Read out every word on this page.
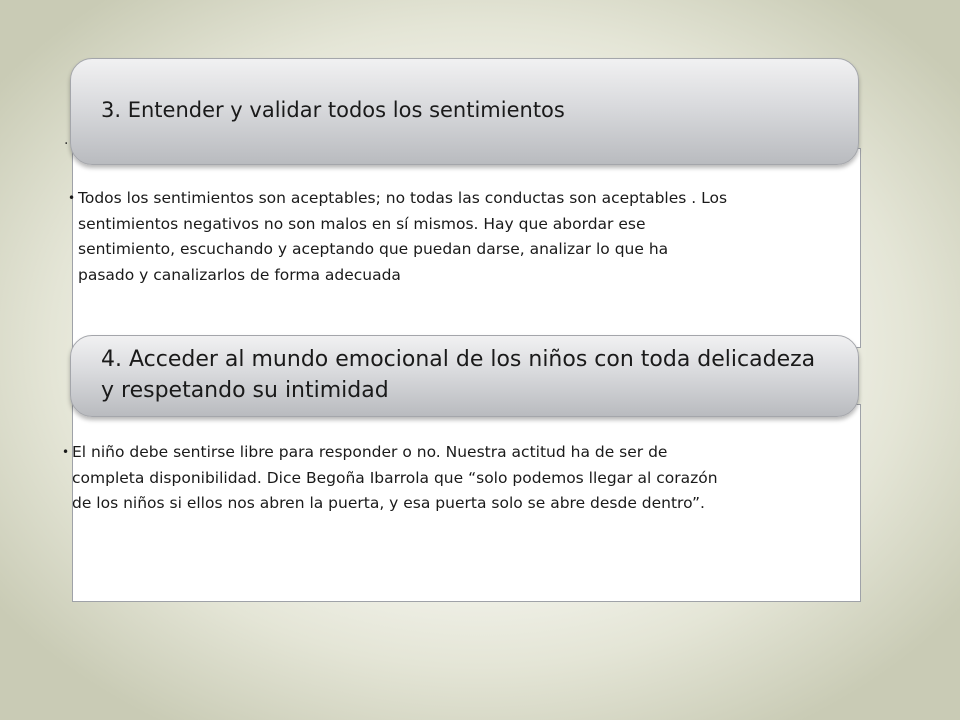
✷
.
3. Entender y validar todos los sentimientos
• Todos los sentimientos son aceptables; no todas las conductas son aceptables . Los sentimientos negativos no son malos en sí mismos. Hay que abordar ese sentimiento, escuchando y aceptando que puedan darse, analizar lo que ha pasado y canalizarlos de forma adecuada
4. Acceder al mundo emocional de los niños con toda delicadeza y respetando su intimidad
• El niño debe sentirse libre para responder o no. Nuestra actitud ha de ser de completa disponibilidad. Dice Begoña Ibarrola que “solo podemos llegar al corazón de los niños si ellos nos abren la puerta, y esa puerta solo se abre desde dentro”.
